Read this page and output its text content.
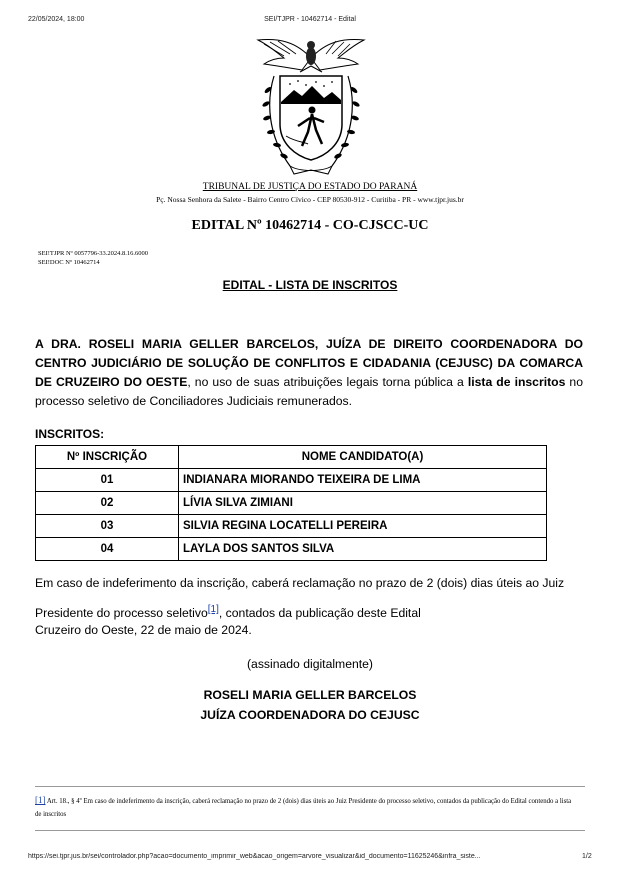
22/05/2024, 18:00	SEI/TJPR - 10462714 - Edital
TRIBUNAL DE JUSTIÇA DO ESTADO DO PARANÁ
Pç. Nossa Senhora da Salete - Bairro Centro Cívico - CEP 80530-912 - Curitiba - PR - www.tjpr.jus.br
EDITAL Nº 10462714 - CO-CJSCC-UC
SEI!TJPR Nº 0057796-33.2024.8.16.6000
SEI!DOC Nº 10462714
EDITAL - LISTA DE INSCRITOS
A DRA. ROSELI MARIA GELLER BARCELOS, JUÍZA DE DIREITO COORDENADORA DO CENTRO JUDICIÁRIO DE SOLUÇÃO DE CONFLITOS E CIDADANIA (CEJUSC) DA COMARCA DE CRUZEIRO DO OESTE, no uso de suas atribuições legais torna pública a lista de inscritos no processo seletivo de Conciliadores Judiciais remunerados.
INSCRITOS:
Nº INSCRIÇÃO	NOME CANDIDATO(A)
01	INDIANARA MIORANDO TEIXEIRA DE LIMA
02	LÍVIA SILVA ZIMIANI
03	SILVIA REGINA LOCATELLI PEREIRA
04	LAYLA DOS SANTOS SILVA
Em caso de indeferimento da inscrição, caberá reclamação no prazo de 2 (dois) dias úteis ao Juiz
Presidente do processo seletivo[1], contados da publicação deste Edital
Cruzeiro do Oeste, 22 de maio de 2024.
(assinado digitalmente)
ROSELI MARIA GELLER BARCELOS
JUÍZA COORDENADORA DO CEJUSC
[1] Art. 18., § 4º Em caso de indeferimento da inscrição, caberá reclamação no prazo de 2 (dois) dias úteis ao Juiz Presidente do processo seletivo, contados da publicação do Edital contendo a lista de inscritos
https://sei.tjpr.jus.br/sei/controlador.php?acao=documento_imprimir_web&acao_origem=arvore_visualizar&id_documento=11625246&infra_siste...	1/2
